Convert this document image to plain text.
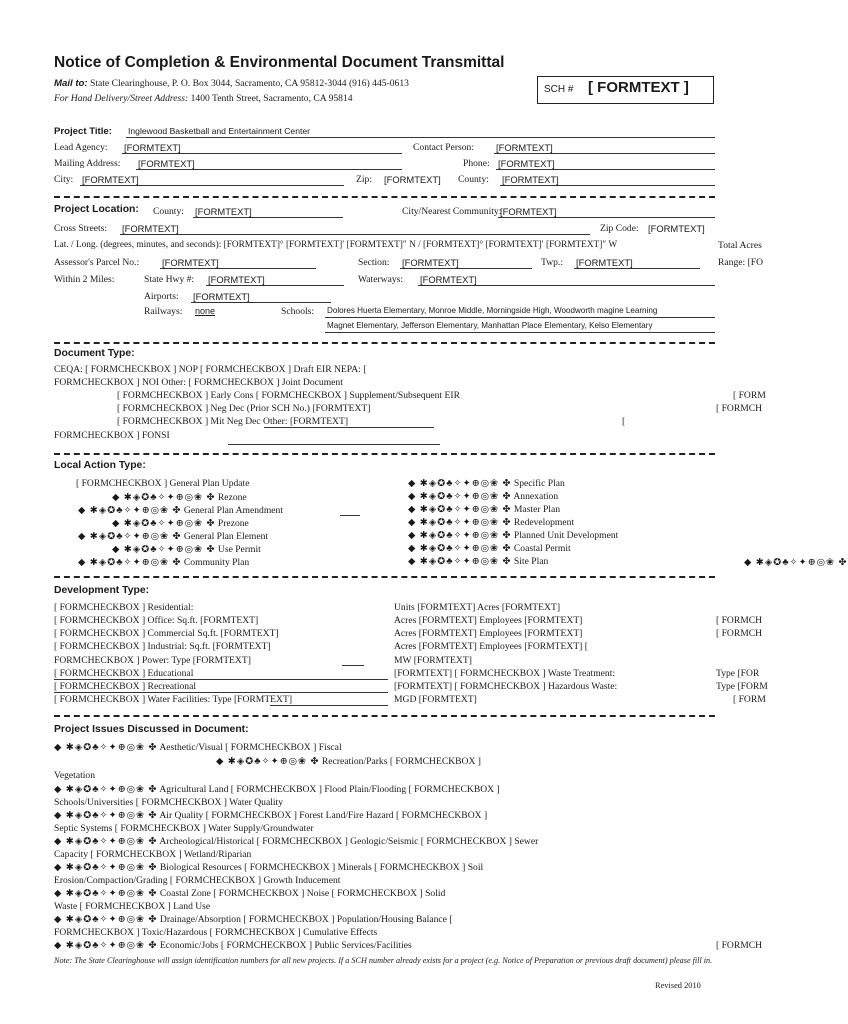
Notice of Completion & Environmental Document Transmittal
Mail to: State Clearinghouse, P. O. Box 3044, Sacramento, CA 95812-3044 (916) 445-0613
For Hand Delivery/Street Address: 1400 Tenth Street, Sacramento, CA 95814
SCH # [ FORMTEXT ]
Project Title: Inglewood Basketball and Entertainment Center
Lead Agency: [FORMTEXT]	Contact Person: [FORMTEXT]
Mailing Address: [FORMTEXT]	Phone: [FORMTEXT]
City: [FORMTEXT]	Zip: [FORMTEXT] County: [FORMTEXT]
Project Location: County: [FORMTEXT]	City/Nearest Community:
[FORMTEXT]
Cross Streets: [FORMTEXT]	Zip Code: [FORMTEXT]
Lat. / Long. (degrees, minutes, and seconds): [FORMTEXT]° [FORMTEXT]′ [FORMTEXT]″ N / [FORMTEXT]° [FORMTEXT]′ [FORMTEXT]″ W	Total Acres
Assessor's Parcel No.: [FORMTEXT]	Section: [FORMTEXT]	Twp.: [FORMTEXT]	Range: [FO
Within 2 Miles:	State Hwy #: [FORMTEXT]	Waterways: [FORMTEXT]
Airports: [FORMTEXT]
Railways: none	Schools: Dolores Huerta Elementary, Monroe Middle, Morningside High, Woodworth magine Learning
Magnet Elementary, Jefferson Elementary, Manhattan Place Elementary, Kelso Elementary
Document Type:
CEQA: [ FORMCHECKBOX ] NOP [ FORMCHECKBOX ] Draft EIR NEPA: [
FORMCHECKBOX ] NOI Other: [ FORMCHECKBOX ] Joint Document
[ FORMCHECKBOX ] Early Cons [ FORMCHECKBOX ] Supplement/Subsequent EIR	[ FORM
[ FORMCHECKBOX ] Neg Dec (Prior SCH No.) [FORMTEXT]	[ FORMCH
[ FORMCHECKBOX ] Mit Neg Dec Other: [FORMTEXT]	[
FORMCHECKBOX ] FONSI
Local Action Type:
[ FORMCHECKBOX ] General Plan Update
◆ ✱◈✪♣✧✦⊕◎❀ ✤ Rezone
◆ ✱◈✪♣✧✦⊕◎❀ ✤ General Plan Amendment
◆ ✱◈✪♣✧✦⊕◎❀ ✤ Prezone
◆ ✱◈✪♣✧✦⊕◎❀ ✤ General Plan Element
◆ ✱◈✪♣✧✦⊕◎❀ ✤ Use Permit
◆ ✱◈✪♣✧✦⊕◎❀ ✤ Community Plan
◆ ✱◈✪♣✧✦⊕◎❀ ✤ Specific Plan
◆ ✱◈✪♣✧✦⊕◎❀ ✤ Annexation
◆ ✱◈✪♣✧✦⊕◎❀ ✤ Master Plan
◆ ✱◈✪♣✧✦⊕◎❀ ✤ Redevelopment
◆ ✱◈✪♣✧✦⊕◎❀ ✤ Planned Unit Development
◆ ✱◈✪♣✧✦⊕◎❀ ✤ Coastal Permit
◆ ✱◈✪♣✧✦⊕◎❀ ✤ Site Plan	◆ ✱◈✪♣✧✦⊕◎❀ ✤
Development Type:
[ FORMCHECKBOX ] Residential:	Units [FORMTEXT] Acres [FORMTEXT]
[ FORMCHECKBOX ] Office: Sq.ft. [FORMTEXT]	Acres [FORMTEXT] Employees [FORMTEXT]	[ FORMCH
[ FORMCHECKBOX ] Commercial Sq.ft. [FORMTEXT]	Acres [FORMTEXT] Employees [FORMTEXT]	[ FORMCH
[ FORMCHECKBOX ] Industrial: Sq.ft. [FORMTEXT]	Acres [FORMTEXT] Employees [FORMTEXT] [
FORMCHECKBOX ] Power: Type [FORMTEXT]	MW [FORMTEXT]
[ FORMCHECKBOX ] Educational	[FORMTEXT] [ FORMCHECKBOX ] Waste Treatment:	Type [FOR
[ FORMCHECKBOX ] Recreational	[FORMTEXT] [ FORMCHECKBOX ] Hazardous Waste:	Type [FORM
[ FORMCHECKBOX ] Water Facilities: Type [FORMTEXT]	MGD [FORMTEXT]	[ FORM
Project Issues Discussed in Document:
◆ ✱◈✪♣✧✦⊕◎❀ ✤ Aesthetic/Visual [ FORMCHECKBOX ] Fiscal
◆ ✱◈✪♣✧✦⊕◎❀ ✤ Recreation/Parks [ FORMCHECKBOX ]
Vegetation
◆ ✱◈✪♣✧✦⊕◎❀ ✤ Agricultural Land [ FORMCHECKBOX ] Flood Plain/Flooding [ FORMCHECKBOX ]
Schools/Universities [ FORMCHECKBOX ] Water Quality
◆ ✱◈✪♣✧✦⊕◎❀ ✤ Air Quality [ FORMCHECKBOX ] Forest Land/Fire Hazard [ FORMCHECKBOX ]
Septic Systems [ FORMCHECKBOX ] Water Supply/Groundwater
◆ ✱◈✪♣✧✦⊕◎❀ ✤ Archeological/Historical [ FORMCHECKBOX ] Geologic/Seismic [ FORMCHECKBOX ] Sewer
Capacity [ FORMCHECKBOX ] Wetland/Riparian
◆ ✱◈✪♣✧✦⊕◎❀ ✤ Biological Resources [ FORMCHECKBOX ] Minerals [ FORMCHECKBOX ] Soil
Erosion/Compaction/Grading [ FORMCHECKBOX ] Growth Inducement
◆ ✱◈✪♣✧✦⊕◎❀ ✤ Coastal Zone [ FORMCHECKBOX ] Noise [ FORMCHECKBOX ] Solid
Waste [ FORMCHECKBOX ] Land Use
◆ ✱◈✪♣✧✦⊕◎❀ ✤ Drainage/Absorption [ FORMCHECKBOX ] Population/Housing Balance [
FORMCHECKBOX ] Toxic/Hazardous [ FORMCHECKBOX ] Cumulative Effects
◆ ✱◈✪♣✧✦⊕◎❀ ✤ Economic/Jobs [ FORMCHECKBOX ] Public Services/Facilities	[ FORMCH
Note: The State Clearinghouse will assign identification numbers for all new projects. If a SCH number already exists for a project (e.g. Notice of Preparation or previous draft document) please fill in.
Revised 2010
